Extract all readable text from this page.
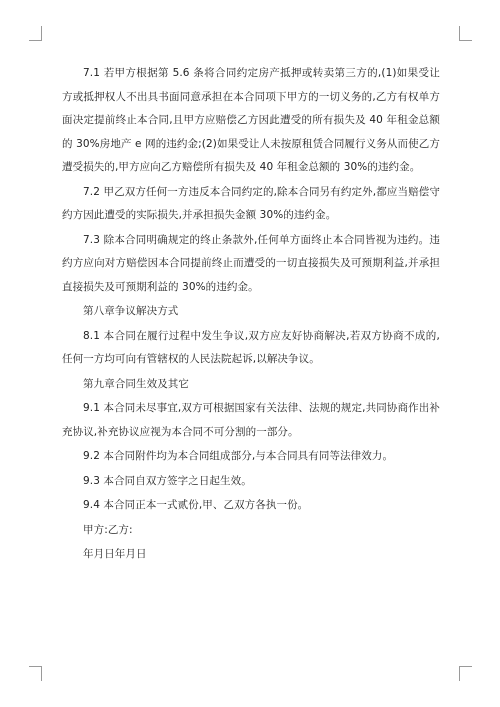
7.1 若甲方根据第 5.6 条将合同约定房产抵押或转卖第三方的,(1)如果受让方或抵押权人不出具书面同意承担在本合同项下甲方的一切义务的,乙方有权单方面决定提前终止本合同,且甲方应赔偿乙方因此遭受的所有损失及 40 年租金总额的 30%房地产 e 网的违约金;(2)如果受让人未按原租赁合同履行义务从而使乙方遭受损失的,甲方应向乙方赔偿所有损失及 40 年租金总额的 30%的违约金。

7.2 甲乙双方任何一方违反本合同约定的,除本合同另有约定外,都应当赔偿守约方因此遭受的实际损失,并承担损失金额 30%的违约金。

7.3 除本合同明确规定的终止条款外,任何单方面终止本合同皆视为违约。违约方应向对方赔偿因本合同提前终止而遭受的一切直接损失及可预期利益,并承担直接损失及可预期利益的 30%的违约金。

第八章争议解决方式

8.1 本合同在履行过程中发生争议,双方应友好协商解决,若双方协商不成的,任何一方均可向有管辖权的人民法院起诉,以解决争议。

第九章合同生效及其它

9.1 本合同未尽事宜,双方可根据国家有关法律、法规的规定,共同协商作出补充协议,补充协议应视为本合同不可分割的一部分。

9.2 本合同附件均为本合同组成部分,与本合同具有同等法律效力。

9.3 本合同自双方签字之日起生效。

9.4 本合同正本一式贰份,甲、乙双方各执一份。

甲方:乙方:

年月日年月日
